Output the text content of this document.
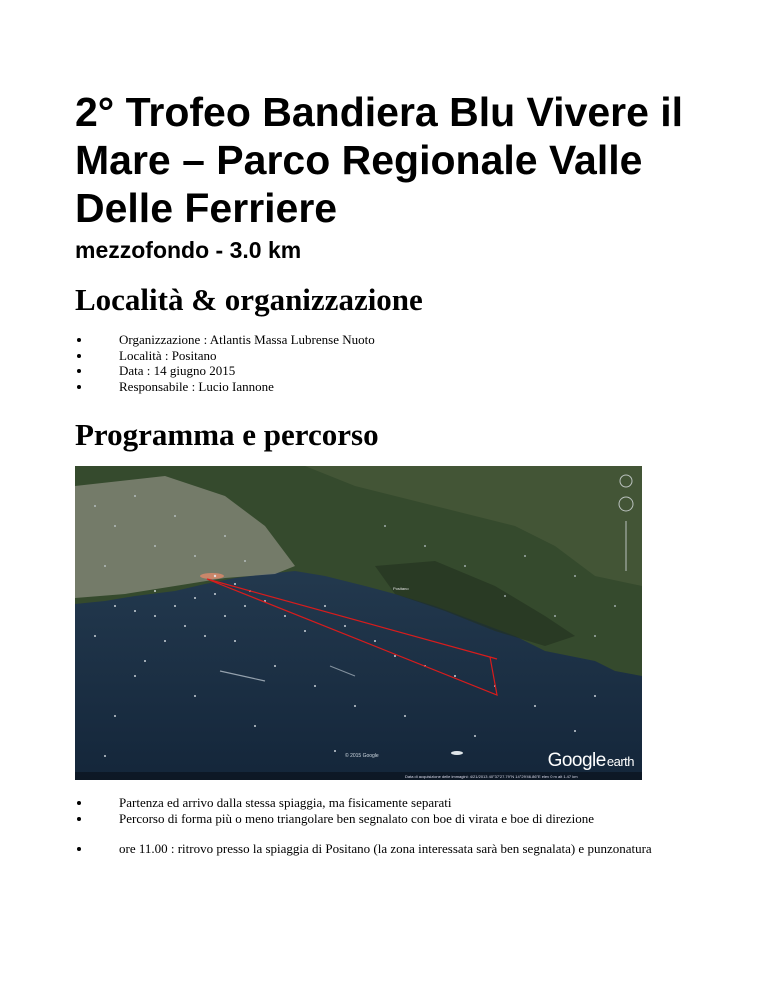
2° Trofeo Bandiera Blu Vivere il Mare – Parco Regionale Valle Delle Ferriere
mezzofondo - 3.0 km
Località & organizzazione
Organizzazione : Atlantis Massa Lubrense Nuoto
Località : Positano
Data : 14 giugno 2015
Responsabile : Lucio Iannone
Programma e percorso
Positano
© 2015 Google	Googleearth
Data di acquisizione delle immagini: 4/21/2013 40°37'27.79"N 14°29'46.86"E elev 0 m alt 1.47 km
Partenza ed arrivo dalla stessa spiaggia, ma fisicamente separati
Percorso di forma più o meno triangolare ben segnalato con boe di virata e boe di direzione
ore 11.00 : ritrovo presso la spiaggia di Positano (la zona interessata sarà ben segnalata) e punzonatura
